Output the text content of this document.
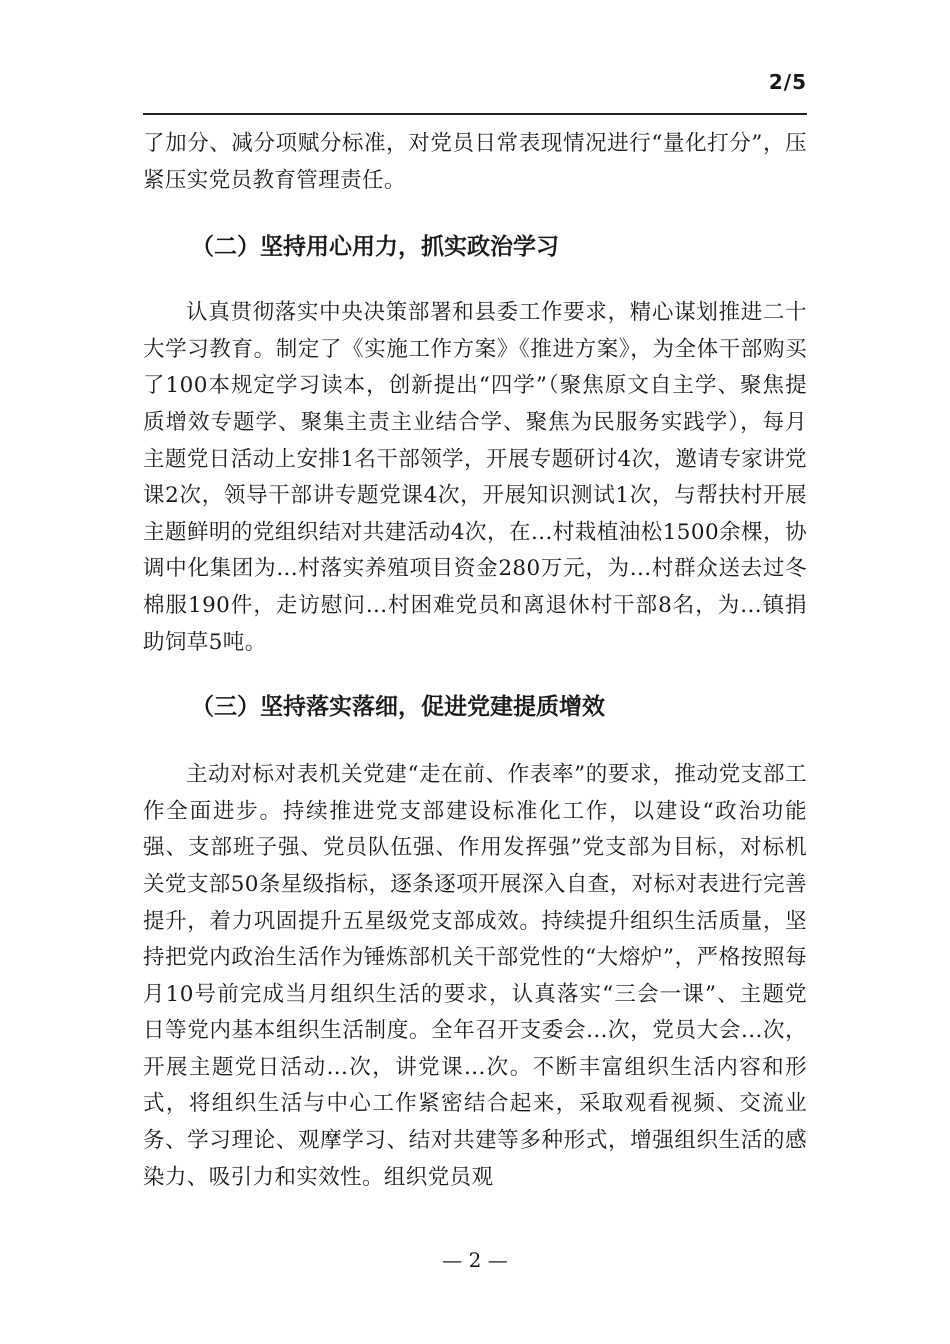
2/5

了加分、减分项赋分标准，对党员日常表现情况进行“量化打分”，压紧压实党员教育管理责任。

（二）坚持用心用力，抓实政治学习

认真贯彻落实中央决策部署和县委工作要求，精心谋划推进二十大学习教育。制定了《实施工作方案》《推进方案》，为全体干部购买了100本规定学习读本，创新提出“四学”（聚焦原文自主学、聚焦提质增效专题学、聚集主责主业结合学、聚焦为民服务实践学），每月主题党日活动上安排1名干部领学，开展专题研讨4次，邀请专家讲党课2次，领导干部讲专题党课4次，开展知识测试1次，与帮扶村开展主题鲜明的党组织结对共建活动4次，在...村栽植油松1500余棵，协调中化集团为...村落实养殖项目资金280万元，为...村群众送去过冬棉服190件，走访慰问...村困难党员和离退休村干部8名，为...镇捐助饲草5吨。

（三）坚持落实落细，促进党建提质增效

主动对标对表机关党建“走在前、作表率”的要求，推动党支部工作全面进步。持续推进党支部建设标准化工作，以建设“政治功能强、支部班子强、党员队伍强、作用发挥强”党支部为目标，对标机关党支部50条星级指标，逐条逐项开展深入自查，对标对表进行完善提升，着力巩固提升五星级党支部成效。持续提升组织生活质量，坚持把党内政治生活作为锤炼部机关干部党性的“大熔炉”，严格按照每月10号前完成当月组织生活的要求，认真落实“三会一课”、主题党日等党内基本组织生活制度。全年召开支委会...次，党员大会...次，开展主题党日活动...次，讲党课...次。不断丰富组织生活内容和形式，将组织生活与中心工作紧密结合起来，采取观看视频、交流业务、学习理论、观摩学习、结对共建等多种形式，增强组织生活的感染力、吸引力和实效性。组织党员观

— 2 —
